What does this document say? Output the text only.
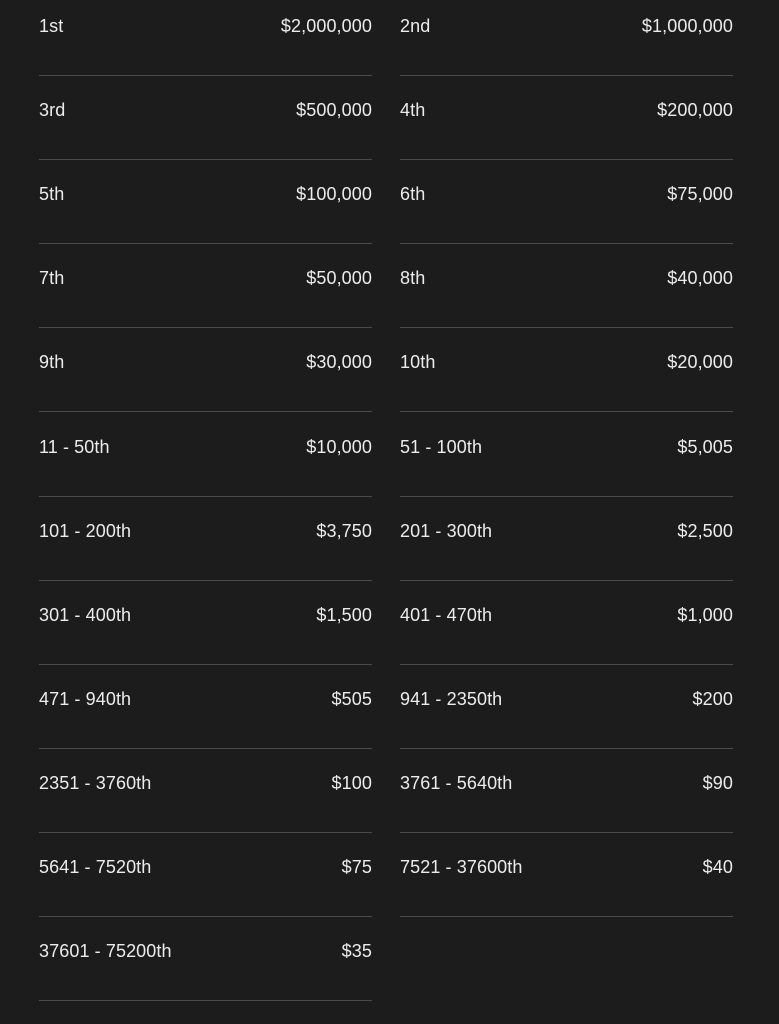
1st	$2,000,000 2nd	$1,000,000
3rd	$500,000 4th	$200,000
5th	$100,000 6th	$75,000
7th	$50,000 8th	$40,000
9th	$30,000 10th	$20,000
11 - 50th	$10,000 51 - 100th	$5,005
101 - 200th	$3,750 201 - 300th	$2,500
301 - 400th	$1,500 401 - 470th	$1,000
471 - 940th	$505 941 - 2350th	$200
2351 - 3760th	$100 3761 - 5640th	$90
5641 - 7520th	$75 7521 - 37600th	$40
37601 - 75200th	$35
